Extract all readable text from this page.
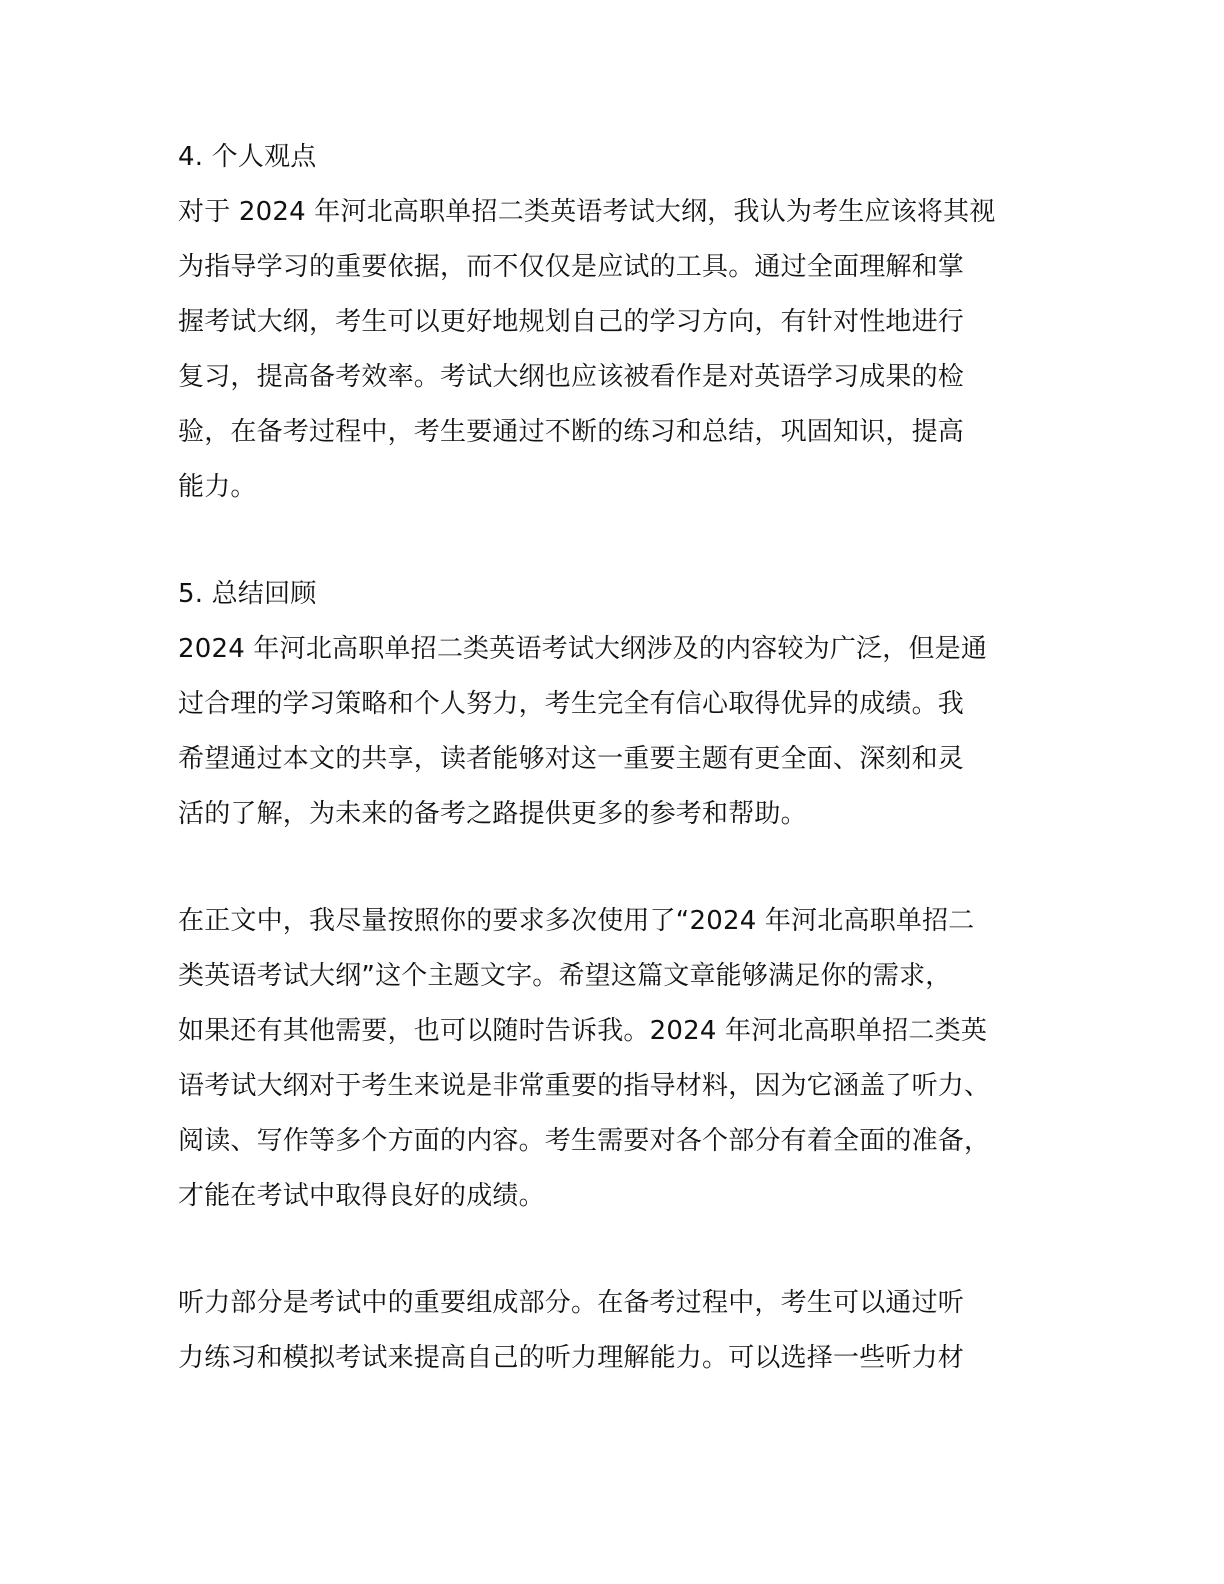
4. 个人观点
对于 2024 年河北高职单招二类英语考试大纲，我认为考生应该将其视
为指导学习的重要依据，而不仅仅是应试的工具。通过全面理解和掌
握考试大纲，考生可以更好地规划自己的学习方向，有针对性地进行
复习，提高备考效率。考试大纲也应该被看作是对英语学习成果的检
验，在备考过程中，考生要通过不断的练习和总结，巩固知识，提高
能力。
5. 总结回顾
2024 年河北高职单招二类英语考试大纲涉及的内容较为广泛，但是通
过合理的学习策略和个人努力，考生完全有信心取得优异的成绩。我
希望通过本文的共享，读者能够对这一重要主题有更全面、深刻和灵
活的了解，为未来的备考之路提供更多的参考和帮助。
在正文中，我尽量按照你的要求多次使用了“2024 年河北高职单招二
类英语考试大纲”这个主题文字。希望这篇文章能够满足你的需求，
如果还有其他需要，也可以随时告诉我。2024 年河北高职单招二类英
语考试大纲对于考生来说是非常重要的指导材料，因为它涵盖了听力、
阅读、写作等多个方面的内容。考生需要对各个部分有着全面的准备，
才能在考试中取得良好的成绩。
听力部分是考试中的重要组成部分。在备考过程中，考生可以通过听
力练习和模拟考试来提高自己的听力理解能力。可以选择一些听力材
